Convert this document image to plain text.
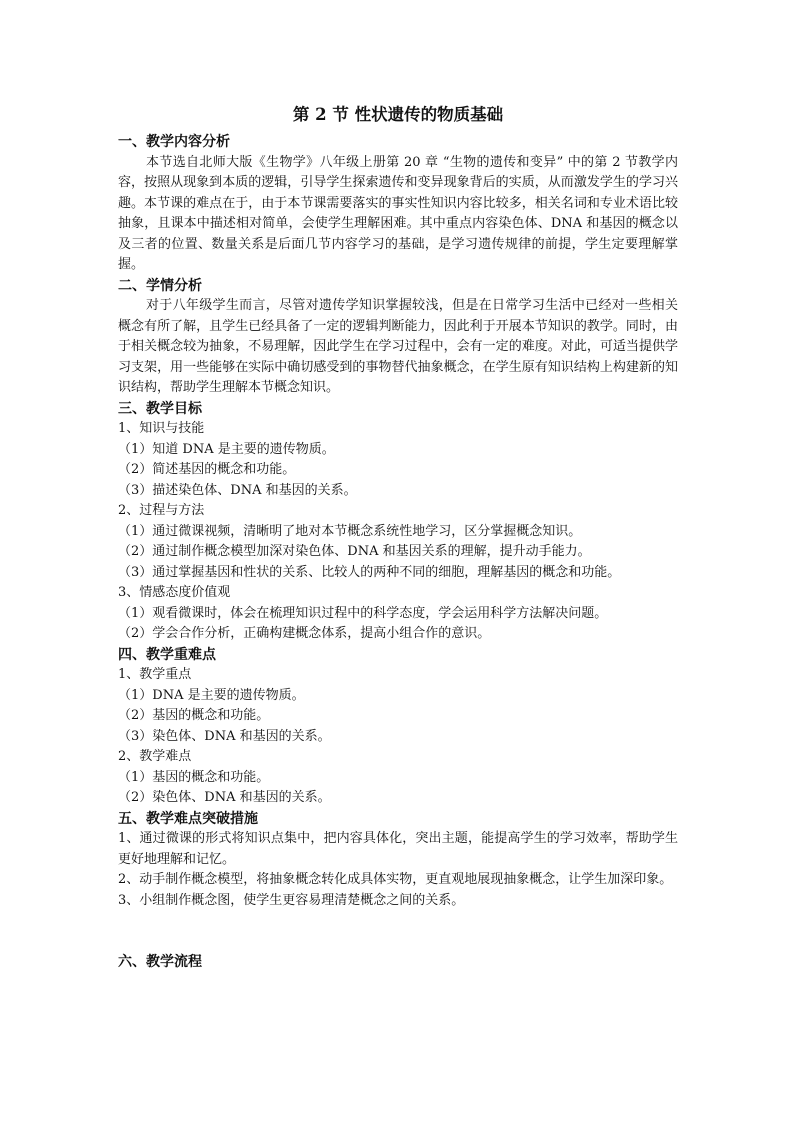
第 2 节 性状遗传的物质基础
一、教学内容分析

本节选自北师大版《生物学》八年级上册第 20 章 “生物的遗传和变异” 中的第 2 节教学内容，按照从现象到本质的逻辑，引导学生探索遗传和变异现象背后的实质，从而激发学生的学习兴趣。本节课的难点在于，由于本节课需要落实的事实性知识内容比较多，相关名词和专业术语比较抽象，且课本中描述相对简单，会使学生理解困难。其中重点内容染色体、DNA 和基因的概念以及三者的位置、数量关系是后面几节内容学习的基础，是学习遗传规律的前提，学生定要理解掌握。

二、学情分析

对于八年级学生而言，尽管对遗传学知识掌握较浅，但是在日常学习生活中已经对一些相关概念有所了解，且学生已经具备了一定的逻辑判断能力，因此利于开展本节知识的教学。同时，由于相关概念较为抽象，不易理解，因此学生在学习过程中，会有一定的难度。对此，可适当提供学习支架，用一些能够在实际中确切感受到的事物替代抽象概念，在学生原有知识结构上构建新的知识结构，帮助学生理解本节概念知识。

三、教学目标

1、知识与技能

（1）知道 DNA 是主要的遗传物质。

（2）简述基因的概念和功能。

（3）描述染色体、DNA 和基因的关系。

2、过程与方法

（1）通过微课视频，清晰明了地对本节概念系统性地学习，区分掌握概念知识。

（2）通过制作概念模型加深对染色体、DNA 和基因关系的理解，提升动手能力。

（3）通过掌握基因和性状的关系、比较人的两种不同的细胞，理解基因的概念和功能。

3、情感态度价值观

（1）观看微课时，体会在梳理知识过程中的科学态度，学会运用科学方法解决问题。

（2）学会合作分析，正确构建概念体系，提高小组合作的意识。

四、教学重难点

1、教学重点

（1）DNA 是主要的遗传物质。

（2）基因的概念和功能。

（3）染色体、DNA 和基因的关系。

2、教学难点

（1）基因的概念和功能。

（2）染色体、DNA 和基因的关系。

五、教学难点突破措施

1、通过微课的形式将知识点集中，把内容具体化，突出主题，能提高学生的学习效率，帮助学生更好地理解和记忆。

2、动手制作概念模型，将抽象概念转化成具体实物，更直观地展现抽象概念，让学生加深印象。

3、小组制作概念图，使学生更容易理清楚概念之间的关系。

六、教学流程
